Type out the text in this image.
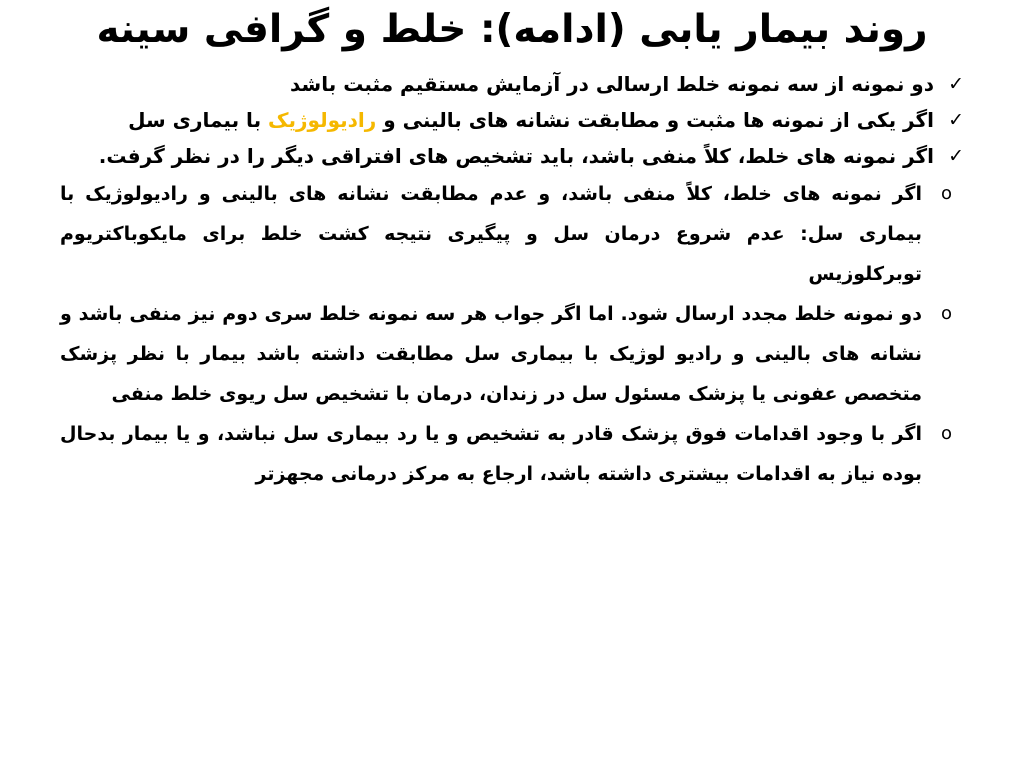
روند بیمار یابی (ادامه): خلط و گرافی سینه
✓
دو نمونه از سه نمونه خلط ارسالی در آزمایش مستقیم مثبت باشد
✓
اگر یکی از نمونه ها مثبت و مطابقت نشانه های بالینی و رادیولوژیک با بیماری سل
✓
اگر نمونه های خلط، کلاً منفی باشد، باید تشخیص های افتراقی دیگر را در نظر گرفت.
o
اگر نمونه های خلط، کلاً منفی باشد، و عدم مطابقت نشانه های بالینی و رادیولوژیک با بیماری سل: عدم شروع درمان سل و پیگیری نتیجه کشت خلط برای مایکوباکتریوم توبرکلوزیس
o
دو نمونه خلط مجدد ارسال شود. اما اگر جواب هر سه نمونه خلط سری دوم نیز منفی باشد و نشانه های بالینی و رادیو لوژیک با بیماری سل مطابقت داشته باشد بیمار با نظر پزشک متخصص عفونی یا پزشک مسئول سل در زندان، درمان با تشخیص سل ریوی خلط منفی
o
اگر با وجود اقدامات فوق پزشک قادر به تشخیص و یا رد بیماری سل نباشد، و یا بیمار بدحال بوده نیاز به اقدامات بیشتری داشته باشد، ارجاع به مرکز درمانی مجهزتر
